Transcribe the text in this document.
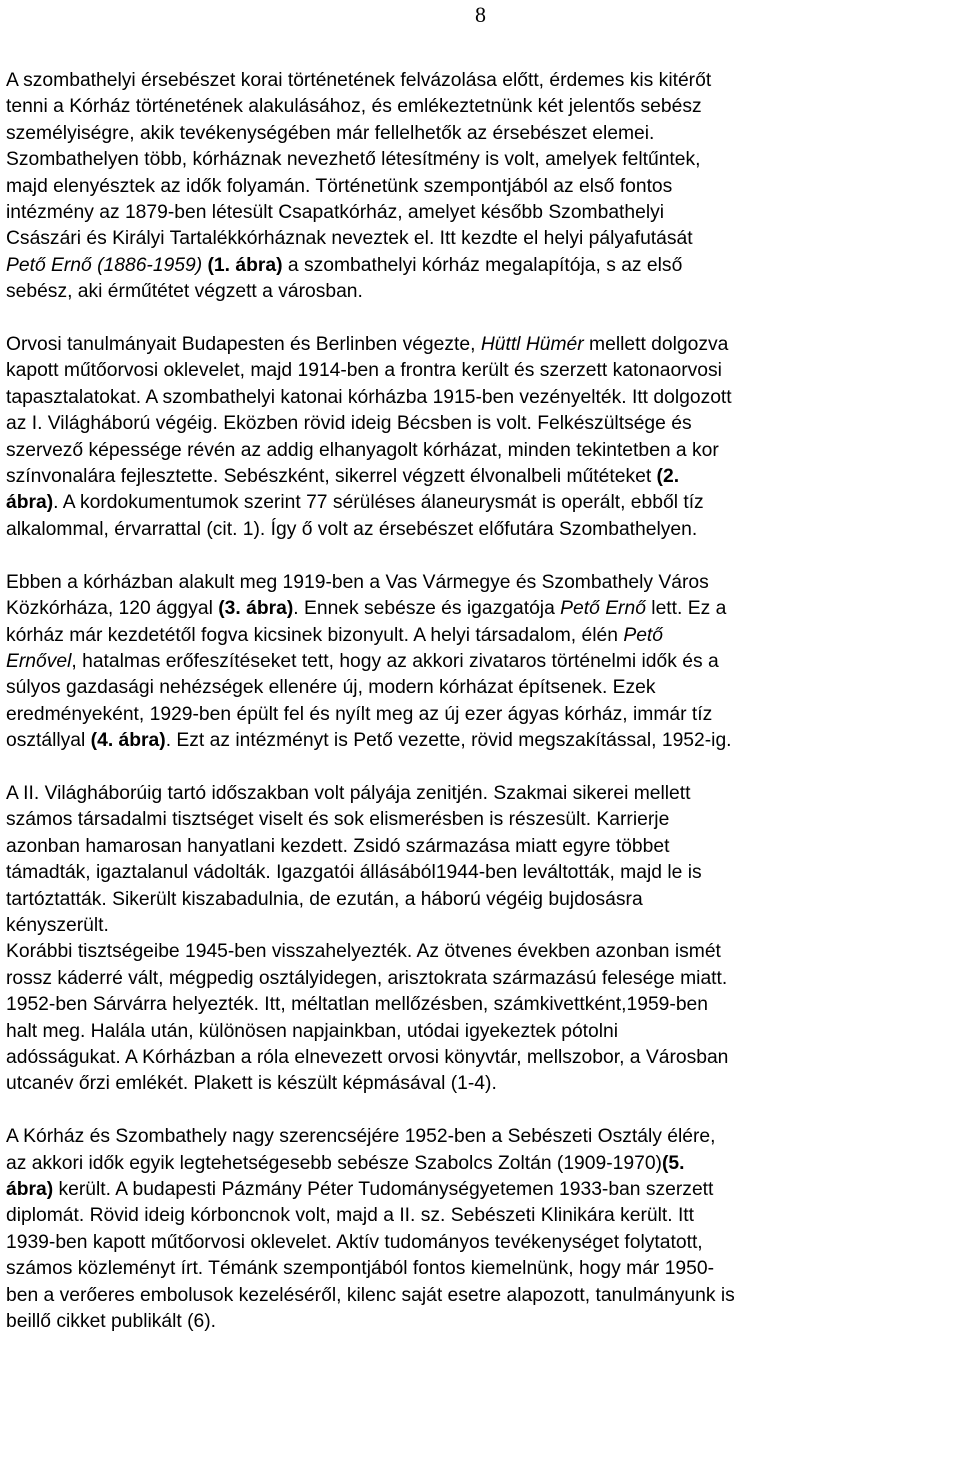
8
A szombathelyi érsebészet korai történetének felvázolása előtt, érdemes kis kitérőt
tenni a Kórház történetének alakulásához, és emlékeztetnünk két jelentős sebész
személyiségre, akik tevékenységében már fellelhetők az érsebészet elemei.
Szombathelyen több, kórháznak nevezhető létesítmény is volt, amelyek feltűntek,
majd elenyésztek az idők folyamán. Történetünk szempontjából az első fontos
intézmény az 1879-ben létesült Csapatkórház, amelyet később Szombathelyi
Császári és Királyi Tartalékkórháznak neveztek el. Itt kezdte el helyi pályafutását
Pető Ernő (1886-1959) (1. ábra) a szombathelyi kórház megalapítója, s az első
sebész, aki érműtétet végzett a városban.
Orvosi tanulmányait Budapesten és Berlinben végezte, Hüttl Hümér mellett dolgozva
kapott műtőorvosi oklevelet, majd 1914-ben a frontra került és szerzett katonaorvosi
tapasztalatokat. A szombathelyi katonai kórházba 1915-ben vezényelték. Itt dolgozott
az I. Világháború végéig. Eközben rövid ideig Bécsben is volt. Felkészültsége és
szervező képessége révén az addig elhanyagolt kórházat, minden tekintetben a kor
színvonalára fejlesztette. Sebészként, sikerrel végzett élvonalbeli műtéteket (2.
ábra). A kordokumentumok szerint 77 sérüléses álaneurysmát is operált, ebből tíz
alkalommal, érvarrattal (cit. 1). Így ő volt az érsebészet előfutára Szombathelyen.
Ebben a kórházban alakult meg 1919-ben a Vas Vármegye és Szombathely Város
Közkórháza, 120 ággyal (3. ábra). Ennek sebésze és igazgatója Pető Ernő lett. Ez a
kórház már kezdetétől fogva kicsinek bizonyult. A helyi társadalom, élén Pető
Ernővel, hatalmas erőfeszítéseket tett, hogy az akkori zivataros történelmi idők és a
súlyos gazdasági nehézségek ellenére új, modern kórházat építsenek. Ezek
eredményeként, 1929-ben épült fel és nyílt meg az új ezer ágyas kórház, immár tíz
osztállyal (4. ábra). Ezt az intézményt is Pető vezette, rövid megszakítással, 1952-ig.
A II. Világháborúig tartó időszakban volt pályája zenitjén. Szakmai sikerei mellett
számos társadalmi tisztséget viselt és sok elismerésben is részesült. Karrierje
azonban hamarosan hanyatlani kezdett. Zsidó származása miatt egyre többet
támadták, igaztalanul vádolták. Igazgatói állásából1944-ben leváltották, majd le is
tartóztatták. Sikerült kiszabadulnia, de ezután, a háború végéig bujdosásra
kényszerült.
Korábbi tisztségeibe 1945-ben visszahelyezték. Az ötvenes években azonban ismét
rossz káderré vált, mégpedig osztályidegen, arisztokrata származású felesége miatt.
1952-ben Sárvárra helyezték. Itt, méltatlan mellőzésben, számkivettként,1959-ben
halt meg. Halála után, különösen napjainkban, utódai igyekeztek pótolni
adósságukat. A Kórházban a róla elnevezett orvosi könyvtár, mellszobor, a Városban
utcanév őrzi emlékét. Plakett is készült képmásával (1-4).
A Kórház és Szombathely nagy szerencséjére 1952-ben a Sebészeti Osztály élére,
az akkori idők egyik legtehetségesebb sebésze Szabolcs Zoltán (1909-1970)(5.
ábra) került. A budapesti Pázmány Péter Tudománységyetemen 1933-ban szerzett
diplomát. Rövid ideig kórboncnok volt, majd a II. sz. Sebészeti Klinikára került. Itt
1939-ben kapott műtőorvosi oklevelet. Aktív tudományos tevékenységet folytatott,
számos közleményt írt. Témánk szempontjából fontos kiemelnünk, hogy már 1950-
ben a verőeres embolusok kezeléséről, kilenc saját esetre alapozott, tanulmányunk is
beillő cikket publikált (6).
